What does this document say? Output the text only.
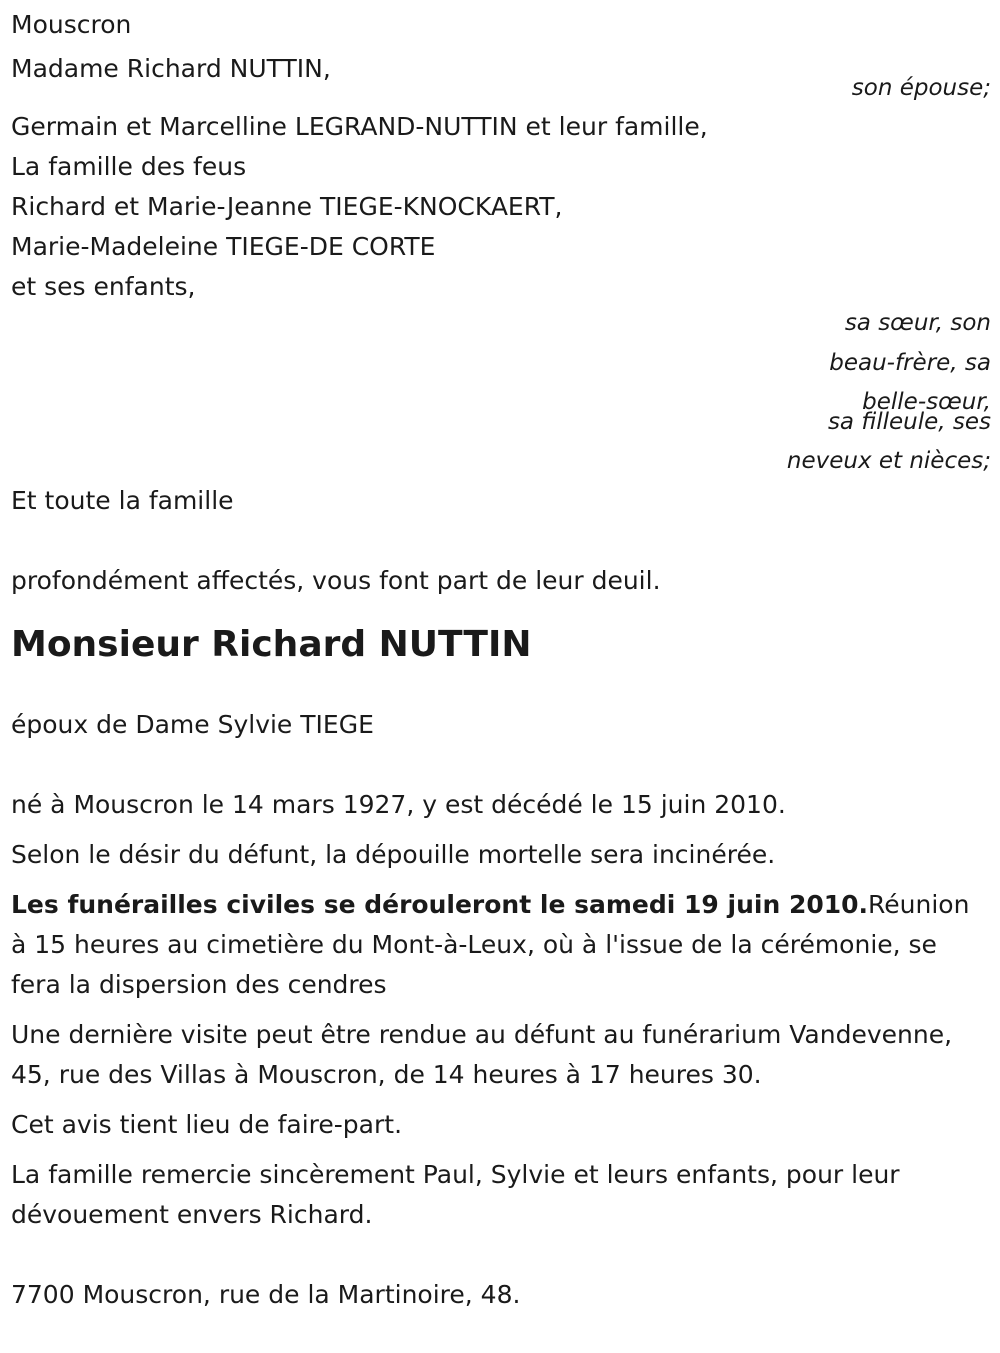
Mouscron
Madame Richard NUTTIN,
son épouse;
Germain et Marcelline LEGRAND-NUTTIN et leur famille,
La famille des feus
Richard et Marie-Jeanne TIEGE-KNOCKAERT,
Marie-Madeleine TIEGE-DE CORTE
et ses enfants,
sa sœur, son
beau-frère, sa
belle-sœur,
sa filleule, ses
neveux et nièces;
Et toute la famille
profondément affectés, vous font part de leur deuil.
Monsieur Richard NUTTIN
époux de Dame Sylvie TIEGE
né à Mouscron le 14 mars 1927, y est décédé le 15 juin 2010.
Selon le désir du défunt, la dépouille mortelle sera incinérée.
Les funérailles civiles se dérouleront le samedi 19 juin 2010.Réunion à 15 heures au cimetière du Mont-à-Leux, où à l'issue de la cérémonie, se fera la dispersion des cendres
Une dernière visite peut être rendue au défunt au funérarium Vandevenne, 45, rue des Villas à Mouscron, de 14 heures à 17 heures 30.
Cet avis tient lieu de faire-part.
La famille remercie sincèrement Paul, Sylvie et leurs enfants, pour leur dévouement envers Richard.
7700 Mouscron, rue de la Martinoire, 48.
